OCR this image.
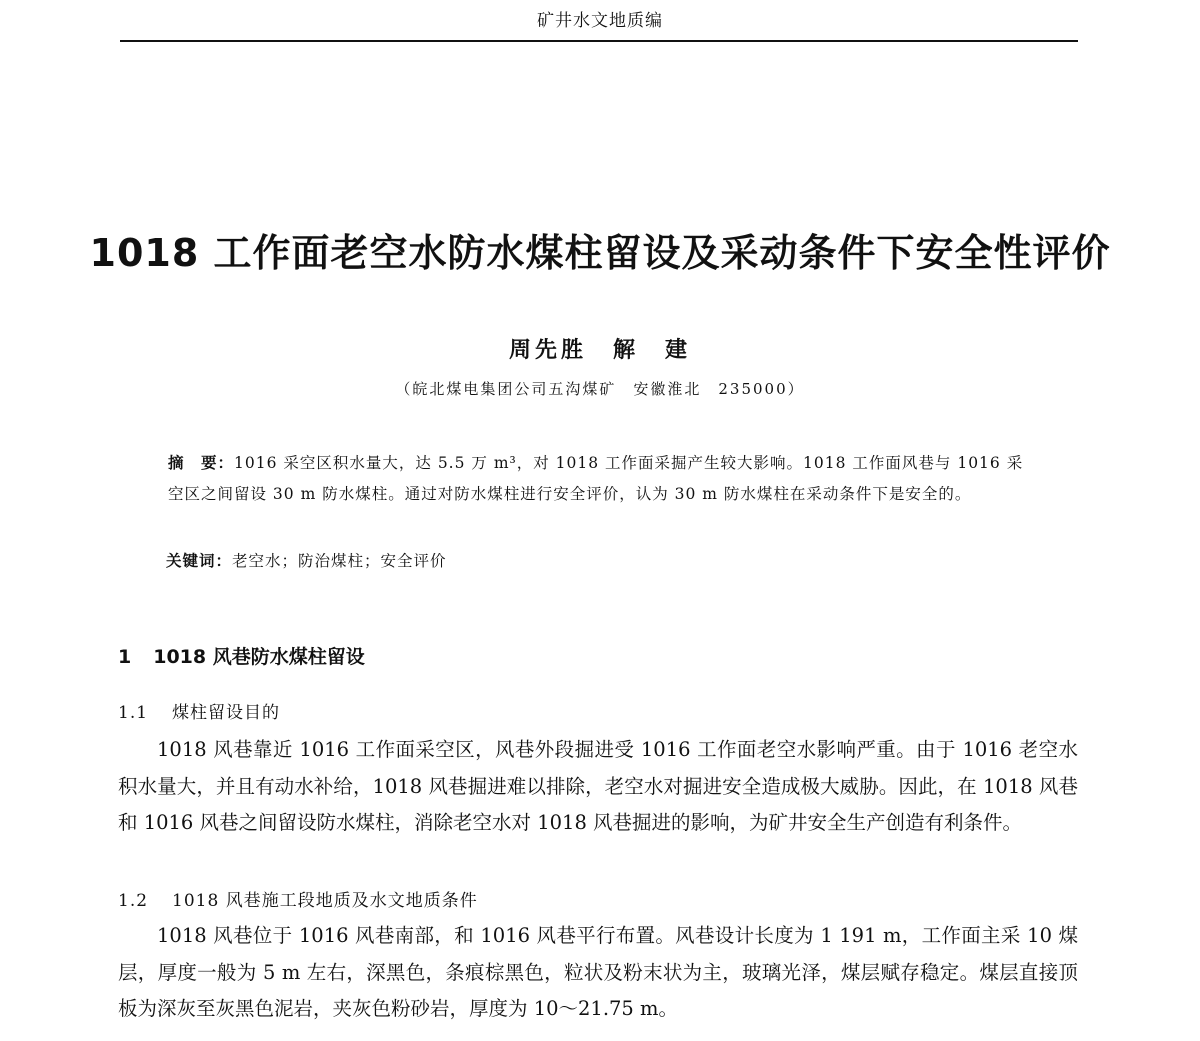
矿井水文地质编
1018 工作面老空水防水煤柱留设及采动条件下安全性评价
周先胜　解　建
（皖北煤电集团公司五沟煤矿　安徽淮北　235000）
摘　要：1016 采空区积水量大，达 5.5 万 m³，对 1018 工作面采掘产生较大影响。1018 工作面风巷与 1016 采空区之间留设 30 m 防水煤柱。通过对防水煤柱进行安全评价，认为 30 m 防水煤柱在采动条件下是安全的。
关键词：老空水；防治煤柱；安全评价
1 1018 风巷防水煤柱留设
1.1 煤柱留设目的
1018 风巷靠近 1016 工作面采空区，风巷外段掘进受 1016 工作面老空水影响严重。由于 1016 老空水积水量大，并且有动水补给，1018 风巷掘进难以排除，老空水对掘进安全造成极大威胁。因此，在 1018 风巷和 1016 风巷之间留设防水煤柱，消除老空水对 1018 风巷掘进的影响，为矿井安全生产创造有利条件。
1.2 1018 风巷施工段地质及水文地质条件
1018 风巷位于 1016 风巷南部，和 1016 风巷平行布置。风巷设计长度为 1 191 m，工作面主采 10 煤层，厚度一般为 5 m 左右，深黑色，条痕棕黑色，粒状及粉末状为主，玻璃光泽，煤层赋存稳定。煤层直接顶板为深灰至灰黑色泥岩，夹灰色粉砂岩，厚度为 10～21.75 m。
